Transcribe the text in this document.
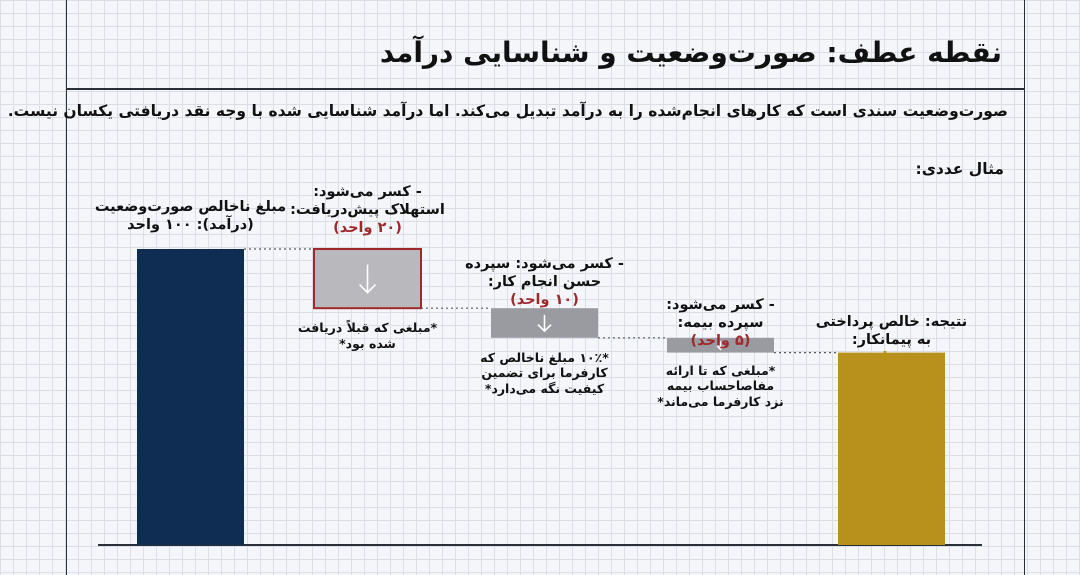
نقطه عطف: صورت‌وضعیت و شناسایی درآمد
صورت‌وضعیت سندی است که کارهای انجام‌شده را به درآمد تبدیل می‌کند. اما درآمد شناسایی شده با وجه نقد دریافتی یکسان نیست.
مثال عددی:
مبلغ ناخالص صورت‌وضعیت
(درآمد): ۱۰۰ واحد
- کسر می‌شود:
استهلاک پیش‌دریافت:
(۲۰ واحد)
*مبلغی که قبلاً دریافت
شده بود*
- کسر می‌شود: سپرده
حسن انجام کار:
(۱۰ واحد)
*۱۰٪ مبلغ ناخالص که
کارفرما برای تضمین
کیفیت نگه می‌دارد*
- کسر می‌شود:
سپرده بیمه:
(۵ واحد)
*مبلغی که تا ارائه
مفاصاحساب بیمه
نزد کارفرما می‌ماند*
نتیجه: خالص پرداختی
به پیمانکار:
۶۵ واحد
